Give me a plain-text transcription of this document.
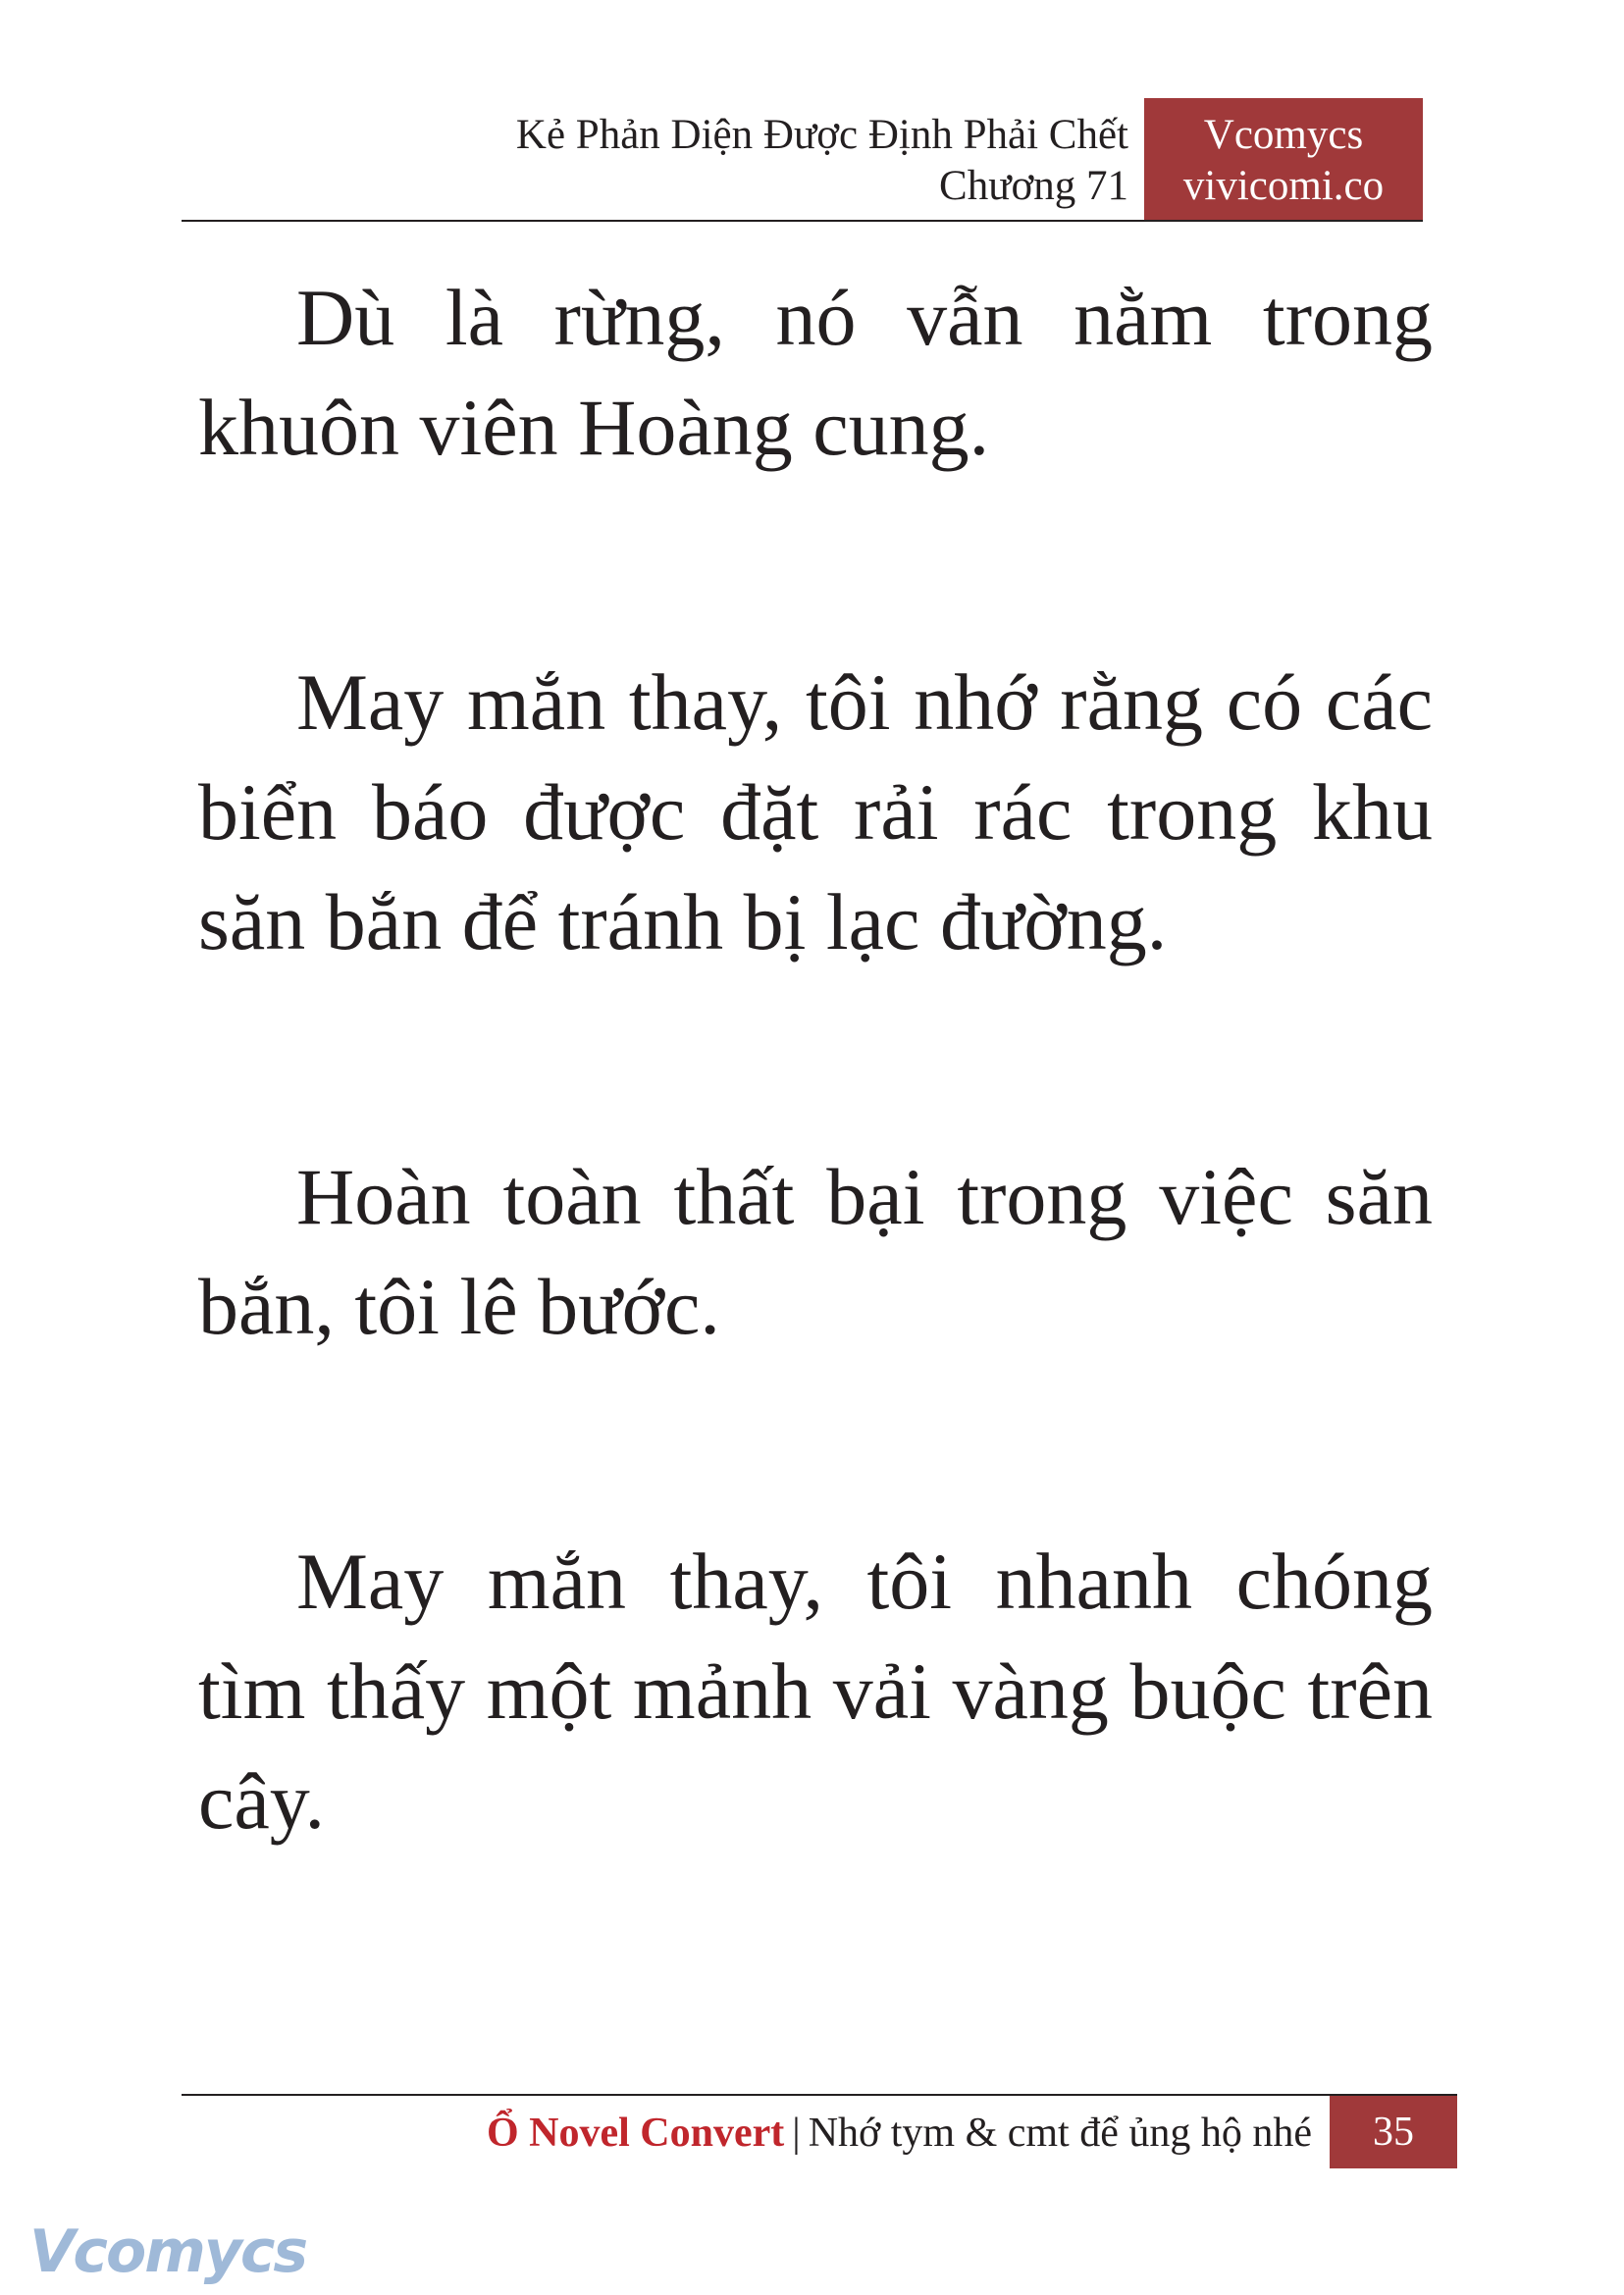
Kẻ Phản Diện Được Định Phải Chết
Chương 71
Vcomycs
vivicomi.co

Dù là rừng, nó vẫn nằm trong khuôn viên Hoàng cung.

May mắn thay, tôi nhớ rằng có các biển báo được đặt rải rác trong khu săn bắn để tránh bị lạc đường.

Hoàn toàn thất bại trong việc săn bắn, tôi lê bước.

May mắn thay, tôi nhanh chóng tìm thấy một mảnh vải vàng buộc trên cây.

Ổ Novel Convert | Nhớ tym & cmt để ủng hộ nhé	35
Vcomycs
